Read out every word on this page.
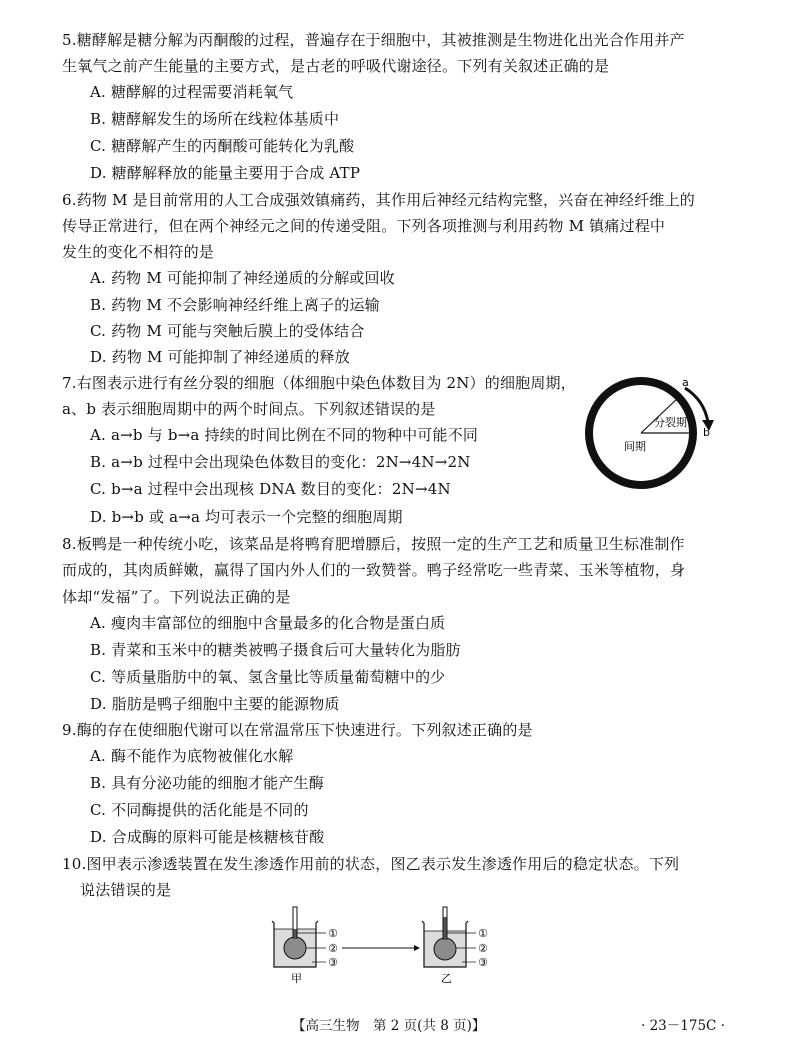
5.糖酵解是糖分解为丙酮酸的过程，普遍存在于细胞中，其被推测是生物进化出光合作用并产
生氧气之前产生能量的主要方式，是古老的呼吸代谢途径。下列有关叙述正确的是
A. 糖酵解的过程需要消耗氧气
B. 糖酵解发生的场所在线粒体基质中
C. 糖酵解产生的丙酮酸可能转化为乳酸
D. 糖酵解释放的能量主要用于合成 ATP
6.药物 M 是目前常用的人工合成强效镇痛药，其作用后神经元结构完整，兴奋在神经纤维上的
传导正常进行，但在两个神经元之间的传递受阻。下列各项推测与利用药物 M 镇痛过程中
发生的变化不相符的是
A. 药物 M 可能抑制了神经递质的分解或回收
B. 药物 M 不会影响神经纤维上离子的运输
C. 药物 M 可能与突触后膜上的受体结合
D. 药物 M 可能抑制了神经递质的释放
7.右图表示进行有丝分裂的细胞（体细胞中染色体数目为 2N）的细胞周期，
a、b 表示细胞周期中的两个时间点。下列叙述错误的是
A. a→b 与 b→a 持续的时间比例在不同的物种中可能不同
B. a→b 过程中会出现染色体数目的变化：2N→4N→2N
C. b→a 过程中会出现核 DNA 数目的变化：2N→4N
D. b→b 或 a→a 均可表示一个完整的细胞周期
a
b
分裂期
间期
8.板鸭是一种传统小吃，该菜品是将鸭育肥增膘后，按照一定的生产工艺和质量卫生标准制作
而成的，其肉质鲜嫩，赢得了国内外人们的一致赞誉。鸭子经常吃一些青菜、玉米等植物，身
体却“发福”了。下列说法正确的是
A. 瘦肉丰富部位的细胞中含量最多的化合物是蛋白质
B. 青菜和玉米中的糖类被鸭子摄食后可大量转化为脂肪
C. 等质量脂肪中的氧、氢含量比等质量葡萄糖中的少
D. 脂肪是鸭子细胞中主要的能源物质
9.酶的存在使细胞代谢可以在常温常压下快速进行。下列叙述正确的是
A. 酶不能作为底物被催化水解
B. 具有分泌功能的细胞才能产生酶
C. 不同酶提供的活化能是不同的
D. 合成酶的原料可能是核糖核苷酸
10.图甲表示渗透装置在发生渗透作用前的状态，图乙表示发生渗透作用后的稳定状态。下列
说法错误的是
①
②
③
甲
①
②
③
乙
【高三生物　第 2 页(共 8 页)】	· 23－175C ·
